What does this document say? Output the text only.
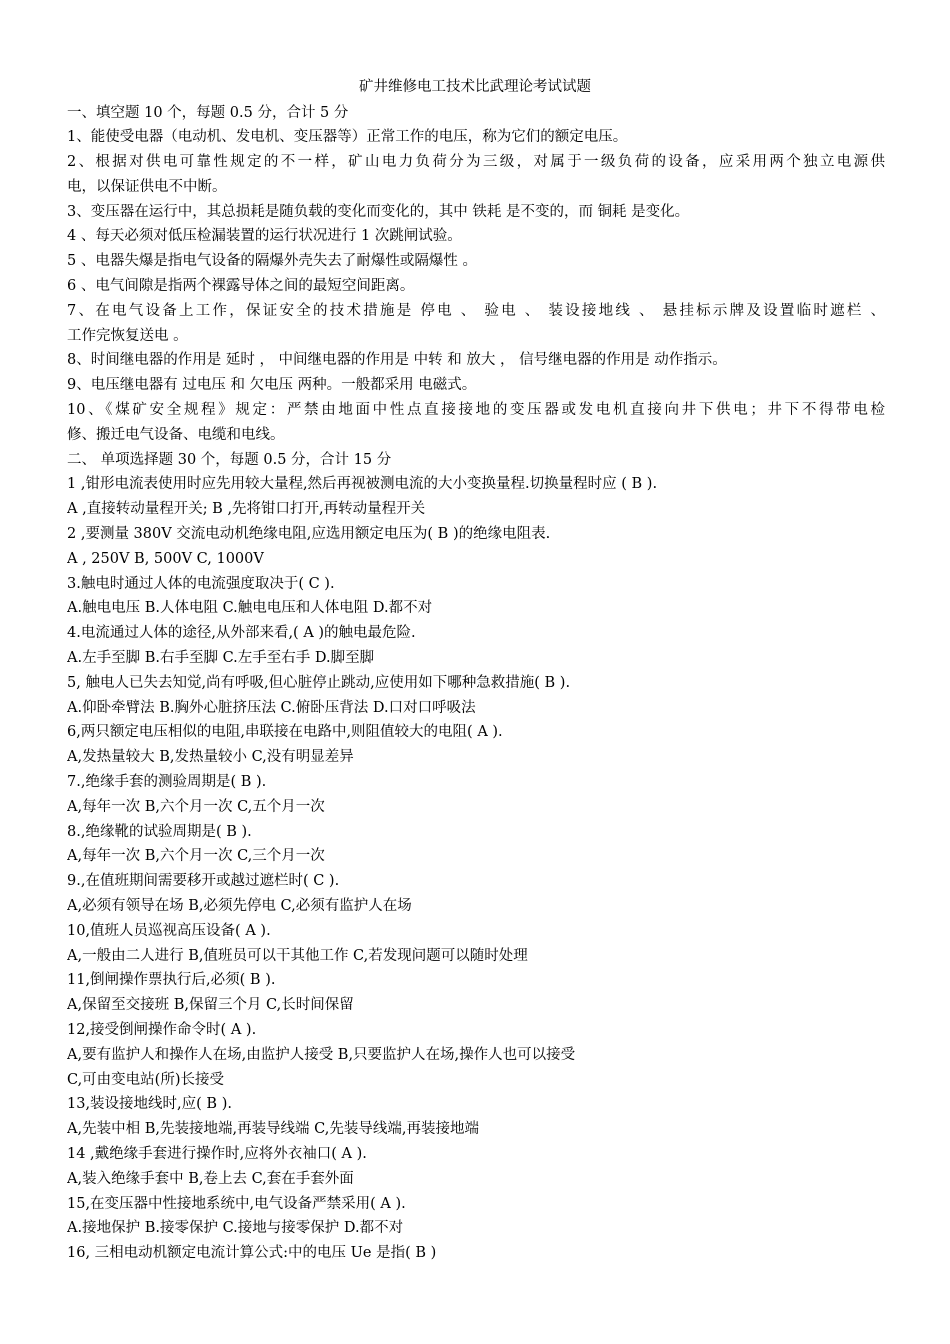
矿井维修电工技术比武理论考试试题
一、填空题 10 个，每题 0.5 分，合计 5 分
1、能使受电器（电动机、发电机、变压器等）正常工作的电压，称为它们的额定电压。
2、根据对供电可靠性规定的不一样，矿山电力负荷分为三级，对属于一级负荷的设备，应采用两个独立电源供
电，以保证供电不中断。
3、变压器在运行中，其总损耗是随负载的变化而变化的，其中 铁耗 是不变的，而 铜耗 是变化。
4 、每天必须对低压检漏装置的运行状况进行 1 次跳闸试验。
5 、电器失爆是指电气设备的隔爆外壳失去了耐爆性或隔爆性 。
6 、电气间隙是指两个裸露导体之间的最短空间距离。
7、在电气设备上工作，保证安全的技术措施是 停电 、 验电 、 装设接地线 、 悬挂标示牌及设置临时遮栏 、
工作完恢复送电 。
8、时间继电器的作用是 延时 ， 中间继电器的作用是 中转 和 放大 ， 信号继电器的作用是 动作指示。
9、电压继电器有 过电压 和 欠电压 两种。一般都采用 电磁式。
10、《煤矿安全规程》规定：严禁由地面中性点直接接地的变压器或发电机直接向井下供电；井下不得带电检
修、搬迁电气设备、电缆和电线。
二、 单项选择题 30 个，每题 0.5 分，合计 15 分
1 ,钳形电流表使用时应先用较大量程,然后再视被测电流的大小变换量程.切换量程时应 ( B ).
A ,直接转动量程开关; B ,先将钳口打开,再转动量程开关
2 ,要测量 380V 交流电动机绝缘电阻,应选用额定电压为( B )的绝缘电阻表.
A , 250V B, 500V C, 1000V
3.触电时通过人体的电流强度取决于( C ).
A.触电电压 B.人体电阻 C.触电电压和人体电阻 D.都不对
4.电流通过人体的途径,从外部来看,( A )的触电最危险.
A.左手至脚 B.右手至脚 C.左手至右手 D.脚至脚
5, 触电人已失去知觉,尚有呼吸,但心脏停止跳动,应使用如下哪种急救措施( B ).
A.仰卧牵臂法 B.胸外心脏挤压法 C.俯卧压背法 D.口对口呼吸法
6,两只额定电压相似的电阻,串联接在电路中,则阻值较大的电阻( A ).
A,发热量较大 B,发热量较小 C,没有明显差异
7.,绝缘手套的测验周期是( B ).
A,每年一次 B,六个月一次 C,五个月一次
8.,绝缘靴的试验周期是( B ).
A,每年一次 B,六个月一次 C,三个月一次
9.,在值班期间需要移开或越过遮栏时( C ).
A,必须有领导在场 B,必须先停电 C,必须有监护人在场
10,值班人员巡视高压设备( A ).
A,一般由二人进行 B,值班员可以干其他工作 C,若发现问题可以随时处理
11,倒闸操作票执行后,必须( B ).
A,保留至交接班 B,保留三个月 C,长时间保留
12,接受倒闸操作命令时( A ).
A,要有监护人和操作人在场,由监护人接受 B,只要监护人在场,操作人也可以接受
C,可由变电站(所)长接受
13,装设接地线时,应( B ).
A,先装中相 B,先装接地端,再装导线端 C,先装导线端,再装接地端
14 ,戴绝缘手套进行操作时,应将外衣袖口( A ).
A,装入绝缘手套中 B,卷上去 C,套在手套外面
15,在变压器中性接地系统中,电气设备严禁采用( A ).
A.接地保护 B.接零保护 C.接地与接零保护 D.都不对
16, 三相电动机额定电流计算公式:中的电压 Ue 是指( B )
